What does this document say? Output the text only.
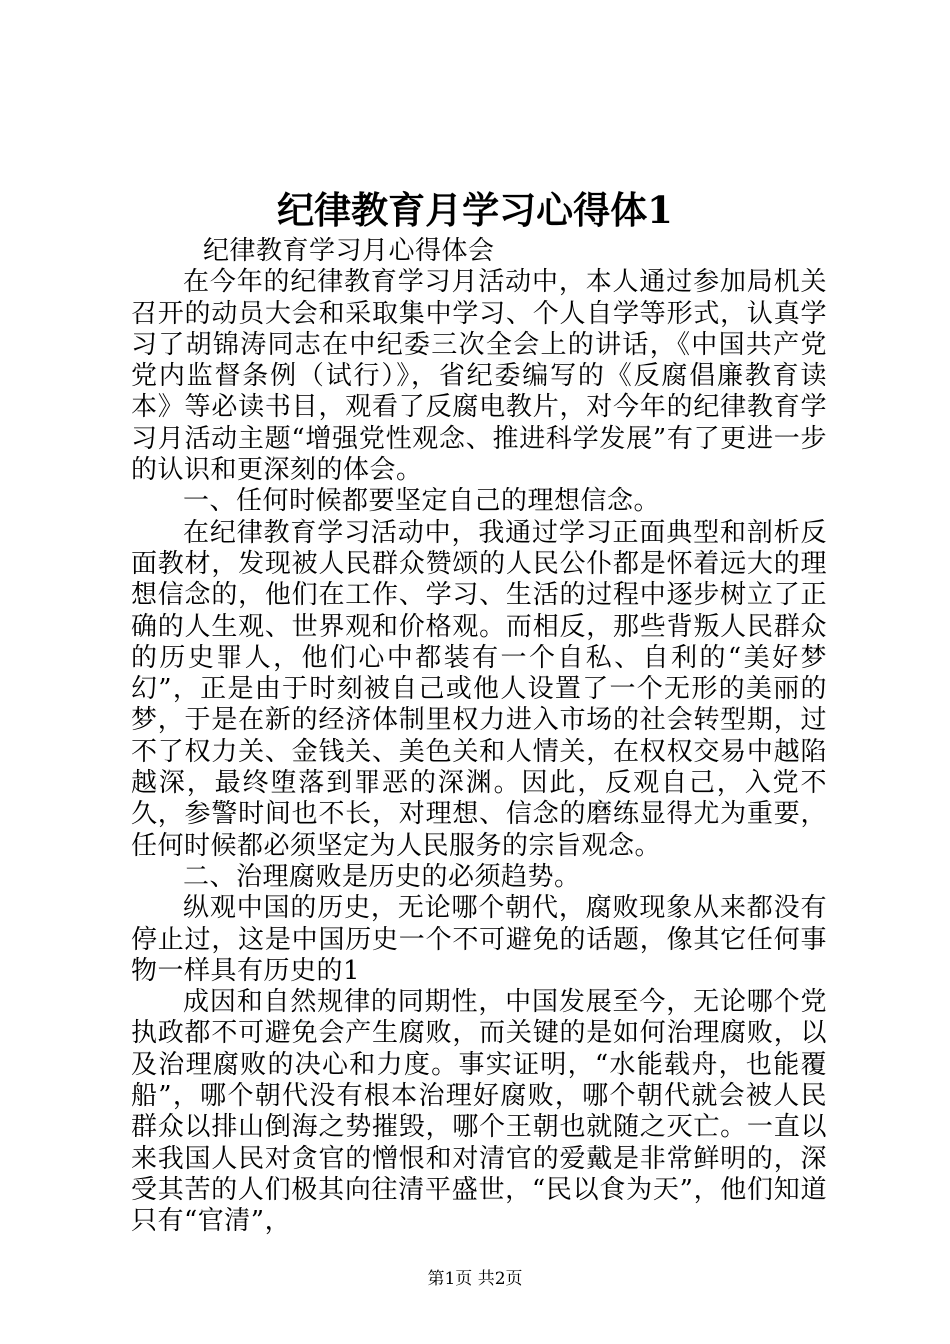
纪律教育月学习心得体1

纪律教育学习月心得体会

在今年的纪律教育学习月活动中，本人通过参加局机关召开的动员大会和采取集中学习、个人自学等形式，认真学习了胡锦涛同志在中纪委三次全会上的讲话，《中国共产党党内监督条例（试行）》，省纪委编写的《反腐倡廉教育读本》等必读书目，观看了反腐电教片，对今年的纪律教育学习月活动主题“增强党性观念、推进科学发展”有了更进一步的认识和更深刻的体会。

一、任何时候都要坚定自己的理想信念。

在纪律教育学习活动中，我通过学习正面典型和剖析反面教材，发现被人民群众赞颂的人民公仆都是怀着远大的理想信念的，他们在工作、学习、生活的过程中逐步树立了正确的人生观、世界观和价格观。而相反，那些背叛人民群众的历史罪人，他们心中都装有一个自私、自利的“美好梦幻”，正是由于时刻被自己或他人设置了一个无形的美丽的梦，于是在新的经济体制里权力进入市场的社会转型期，过不了权力关、金钱关、美色关和人情关，在权权交易中越陷越深，最终堕落到罪恶的深渊。因此，反观自己，入党不久，参警时间也不长，对理想、信念的磨练显得尤为重要，任何时候都必须坚定为人民服务的宗旨观念。

二、治理腐败是历史的必须趋势。

纵观中国的历史，无论哪个朝代，腐败现象从来都没有停止过，这是中国历史一个不可避免的话题，像其它任何事物一样具有历史的1

成因和自然规律的同期性，中国发展至今，无论哪个党执政都不可避免会产生腐败，而关键的是如何治理腐败，以及治理腐败的决心和力度。事实证明，“水能载舟，也能覆船”，哪个朝代没有根本治理好腐败，哪个朝代就会被人民群众以排山倒海之势摧毁，哪个王朝也就随之灭亡。一直以来我国人民对贪官的憎恨和对清官的爱戴是非常鲜明的，深受其苦的人们极其向往清平盛世，“民以食为天”，他们知道只有“官清”，

第1页 共2页
